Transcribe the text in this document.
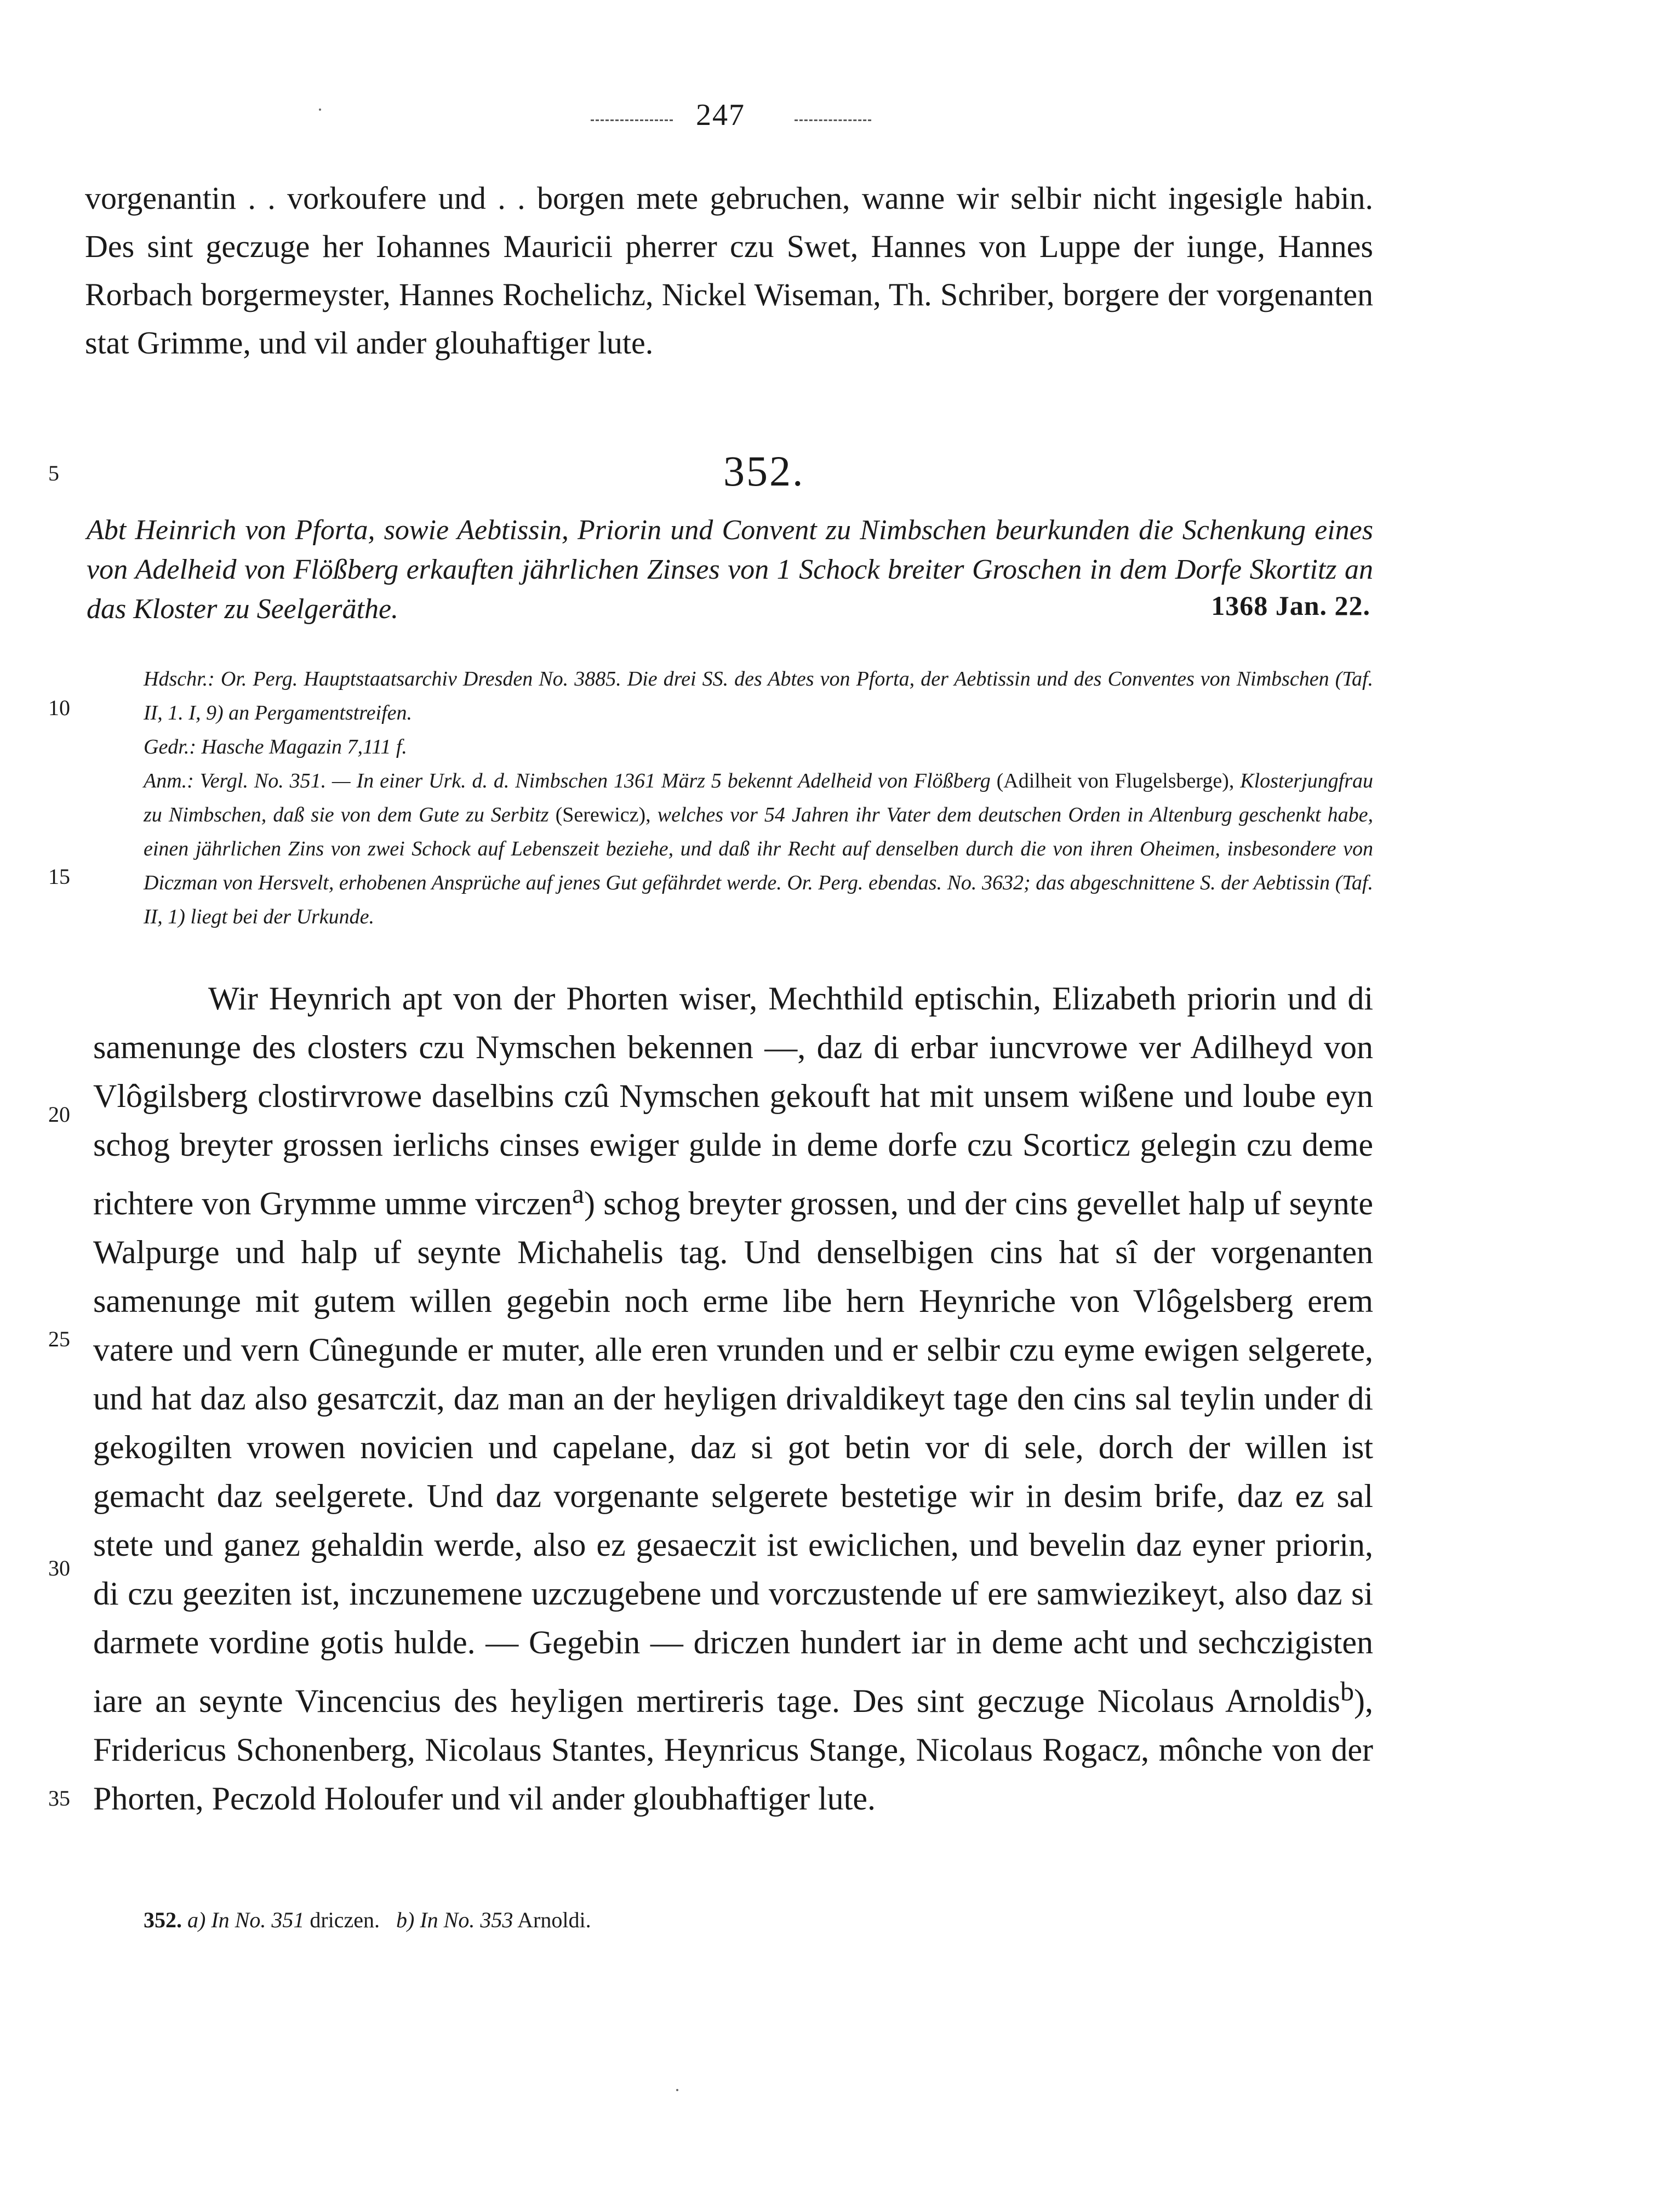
247
vorgenantin . . vorkoufere und . . borgen mete gebruchen, wanne wir selbir nicht ingesigle habin. Des sint geczuge her Iohannes Mauricii pherrer czu Swet, Hannes von Luppe der iunge, Hannes Rorbach borgermeyster, Hannes Rochelichz, Nickel Wiseman, Th. Schriber, borgere der vorgenanten stat Grimme, und vil ander glouhaftiger lute.
5	352.
Abt Heinrich von Pforta, sowie Aebtissin, Priorin und Convent zu Nimbschen beurkunden die Schenkung eines von Adelheid von Flößberg erkauften jährlichen Zinses von 1 Schock breiter Groschen in dem Dorfe Skortitz an das Kloster zu Seelgeräthe.	1368 Jan. 22.
Hdschr.: Or. Perg. Hauptstaatsarchiv Dresden No. 3885. Die drei SS. des Abtes von Pforta, der Aebtissin und des Conventes von Nimbschen (Taf. II, 1. I, 9) an Pergamentstreifen.
Gedr.: Hasche Magazin 7,111 f.
Anm.: Vergl. No. 351. — In einer Urk. d. d. Nimbschen 1361 März 5 bekennt Adelheid von Flößberg (Adilheit von Flugelsberge), Klosterjungfrau zu Nimbschen, daß sie von dem Gute zu Serbitz (Serewicz), welches vor 54 Jahren ihr Vater dem deutschen Orden in Altenburg geschenkt habe, einen jährlichen Zins von zwei Schock auf Lebenszeit beziehe, und daß ihr Recht auf denselben durch die von ihren Oheimen, insbesondere von Diczman von Hersvelt, erhobenen Ansprüche auf jenes Gut gefährdet werde. Or. Perg. ebendas. No. 3632; das abgeschnittene S. der Aebtissin (Taf. II, 1) liegt bei der Urkunde.
10
15

Wir Heynrich apt von der Phorten wiser, Mechthild eptischin, Elizabeth priorin und di samenunge des closters czu Nymschen bekennen —, daz di erbar iuncvrowe ver Adilheyd von Vlôgilsberg clostirvrowe daselbins czû Nymschen gekouft hat mit unsem wißene und loube eyn schog breyter grossen ierlichs cinses ewiger gulde in deme dorfe czu Scorticz gelegin czu deme richtere von Grymme umme virczen$^a$) schog breyter grossen, und der cins gevellet halp uf seynte Walpurge und halp uf seynte Michahelis tag. Und denselbigen cins hat sî der vorgenanten samenunge mit gutem willen gegebin noch erme libe hern Heynriche von Vlôgelsberg erem vatere und vern Cûnegunde er muter, alle eren vrunden und er selbir czu eyme ewigen selgerete, und hat daz also gesaтczit, daz man an der heyligen drivaldikeyt tage den cins sal teylin under di gekogilten vrowen novicien und capelane, daz si got betin vor di sele, dorch der willen ist gemacht daz seelgerete. Und daz vorgenante selgerete bestetige wir in desim brife, daz ez sal stete und ganez gehaldin werde, also ez gesaeczit ist ewiclichen, und bevelin daz eyner priorin, di czu geeziten ist, inczunemene uzczugebene und vorczustende uf ere samwiezikeyt, also daz si darmete vordine gotis hulde. — Gegebin — driczen hundert iar in deme acht und sechczigisten iare an seynte Vincencius des heyligen mertireris tage. Des sint geczuge Nicolaus Arnoldis$^b$), Fridericus Schonenberg, Nicolaus Stantes, Heynricus Stange, Nicolaus Rogacz, mônche von der Phorten, Peczold Holoufer und vil ander gloubhaftiger lute.

20
25
30
35
352. a) In No. 351 driczen. b) In No. 353 Arnoldi.
